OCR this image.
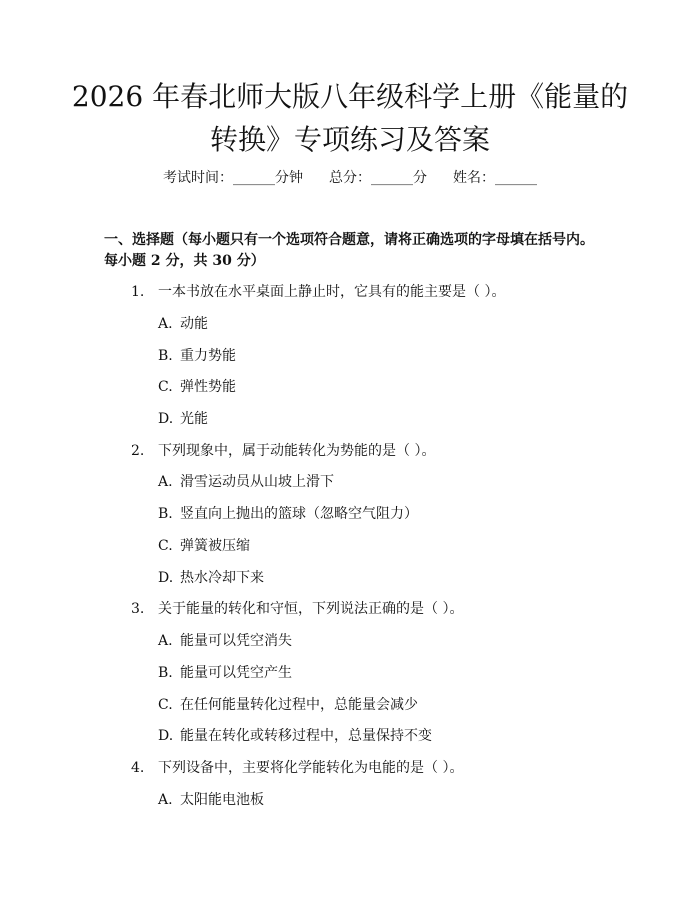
2026 年春北师大版八年级科学上册《能量的
转换》专项练习及答案
考试时间：______分钟 总分：______分 姓名：______
一、选择题（每小题只有一个选项符合题意，请将正确选项的字母填在括号内。
每小题 2 分，共 30 分）
1. 一本书放在水平桌面上静止时，它具有的能主要是（ ）。
A. 动能
B. 重力势能
C. 弹性势能
D. 光能
2. 下列现象中，属于动能转化为势能的是（ ）。
A. 滑雪运动员从山坡上滑下
B. 竖直向上抛出的篮球（忽略空气阻力）
C. 弹簧被压缩
D. 热水冷却下来
3. 关于能量的转化和守恒，下列说法正确的是（ ）。
A. 能量可以凭空消失
B. 能量可以凭空产生
C. 在任何能量转化过程中，总能量会减少
D. 能量在转化或转移过程中，总量保持不变
4. 下列设备中，主要将化学能转化为电能的是（ ）。
A. 太阳能电池板
